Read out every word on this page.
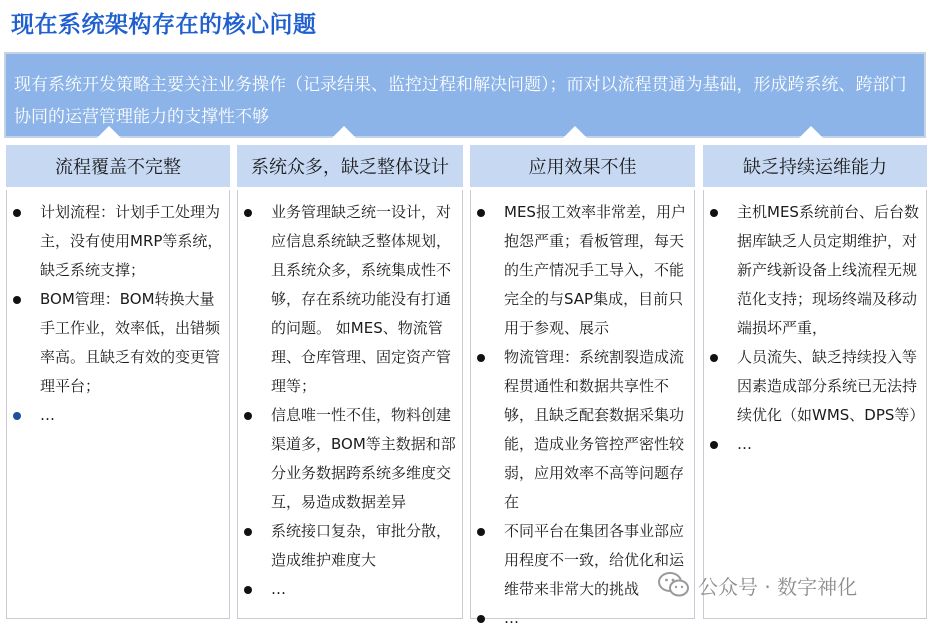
现在系统架构存在的核心问题

现有系统开发策略主要关注业务操作（记录结果、监控过程和解决问题）；而对以流程贯通为基础，形成跨系统、跨部门协同的运营管理能力的支撑性不够

流程覆盖不完整
计划流程：计划手工处理为主，没有使用MRP等系统，缺乏系统支撑；
BOM管理：BOM转换大量手工作业，效率低，出错频率高。且缺乏有效的变更管理平台；
…
系统众多，缺乏整体设计
业务管理缺乏统一设计，对应信息系统缺乏整体规划，且系统众多，系统集成性不够，存在系统功能没有打通的问题。 如MES、物流管理、仓库管理、固定资产管理等；
信息唯一性不佳，物料创建渠道多，BOM等主数据和部分业务数据跨系统多维度交互，易造成数据差异
系统接口复杂，审批分散，造成维护难度大
…
应用效果不佳
MES报工效率非常差，用户抱怨严重；看板管理，每天的生产情况手工导入，不能完全的与SAP集成，目前只用于参观、展示
物流管理：系统割裂造成流程贯通性和数据共享性不够，且缺乏配套数据采集功能，造成业务管控严密性较弱，应用效率不高等问题存在
不同平台在集团各事业部应用程度不一致，给优化和运维带来非常大的挑战
…
缺乏持续运维能力
主机MES系统前台、后台数据库缺乏人员定期维护，对新产线新设备上线流程无规范化支持；现场终端及移动端损坏严重，
人员流失、缺乏持续投入等因素造成部分系统已无法持续优化（如WMS、DPS等）
…
公众号 · 数字神化
